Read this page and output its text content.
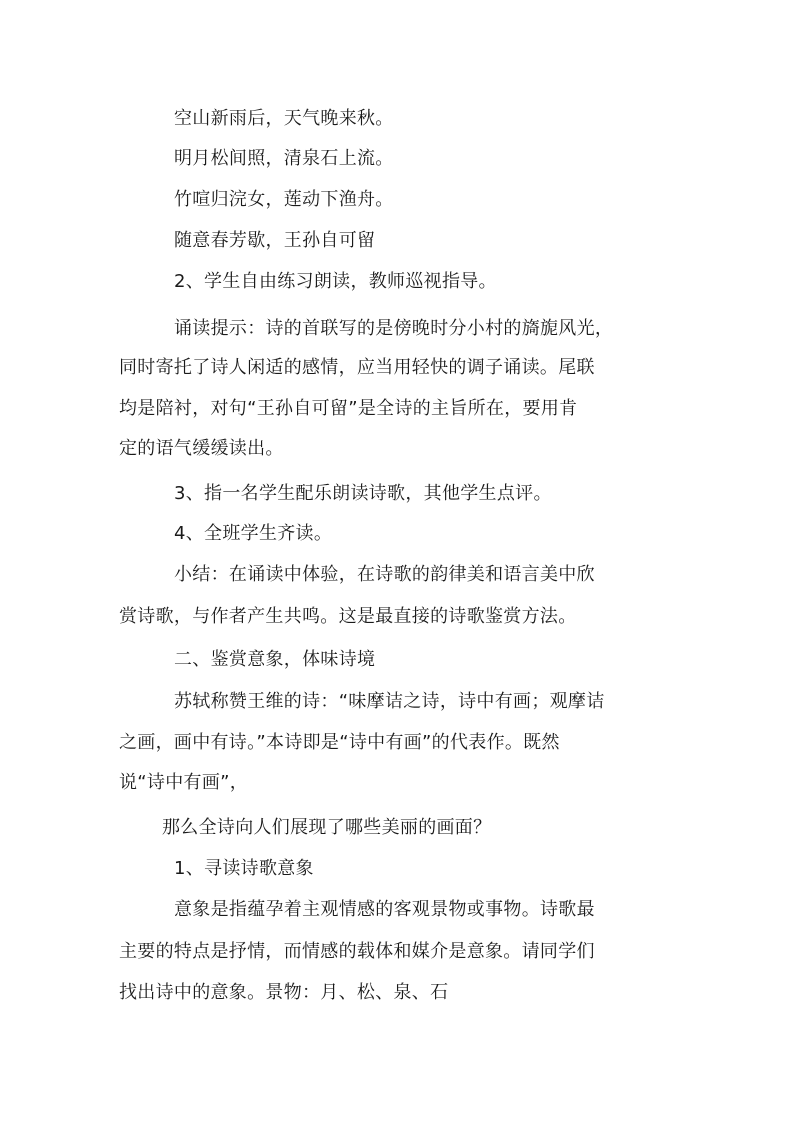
空山新雨后，天气晚来秋。
明月松间照，清泉石上流。
竹喧归浣女，莲动下渔舟。
随意春芳歇，王孙自可留
2、学生自由练习朗读，教师巡视指导。
诵读提示：诗的首联写的是傍晚时分小村的旖旎风光，
同时寄托了诗人闲适的感情，应当用轻快的调子诵读。尾联
均是陪衬，对句“王孙自可留”是全诗的主旨所在，要用肯
定的语气缓缓读出。
3、指一名学生配乐朗读诗歌，其他学生点评。
4、全班学生齐读。
小结：在诵读中体验，在诗歌的韵律美和语言美中欣
赏诗歌，与作者产生共鸣。这是最直接的诗歌鉴赏方法。
二、鉴赏意象，体味诗境
苏轼称赞王维的诗：“味摩诘之诗，诗中有画；观摩诘
之画，画中有诗。”本诗即是“诗中有画”的代表作。既然
说“诗中有画”，
那么全诗向人们展现了哪些美丽的画面？
1、寻读诗歌意象
意象是指蕴孕着主观情感的客观景物或事物。诗歌最
主要的特点是抒情，而情感的载体和媒介是意象。请同学们
找出诗中的意象。景物：月、松、泉、石
